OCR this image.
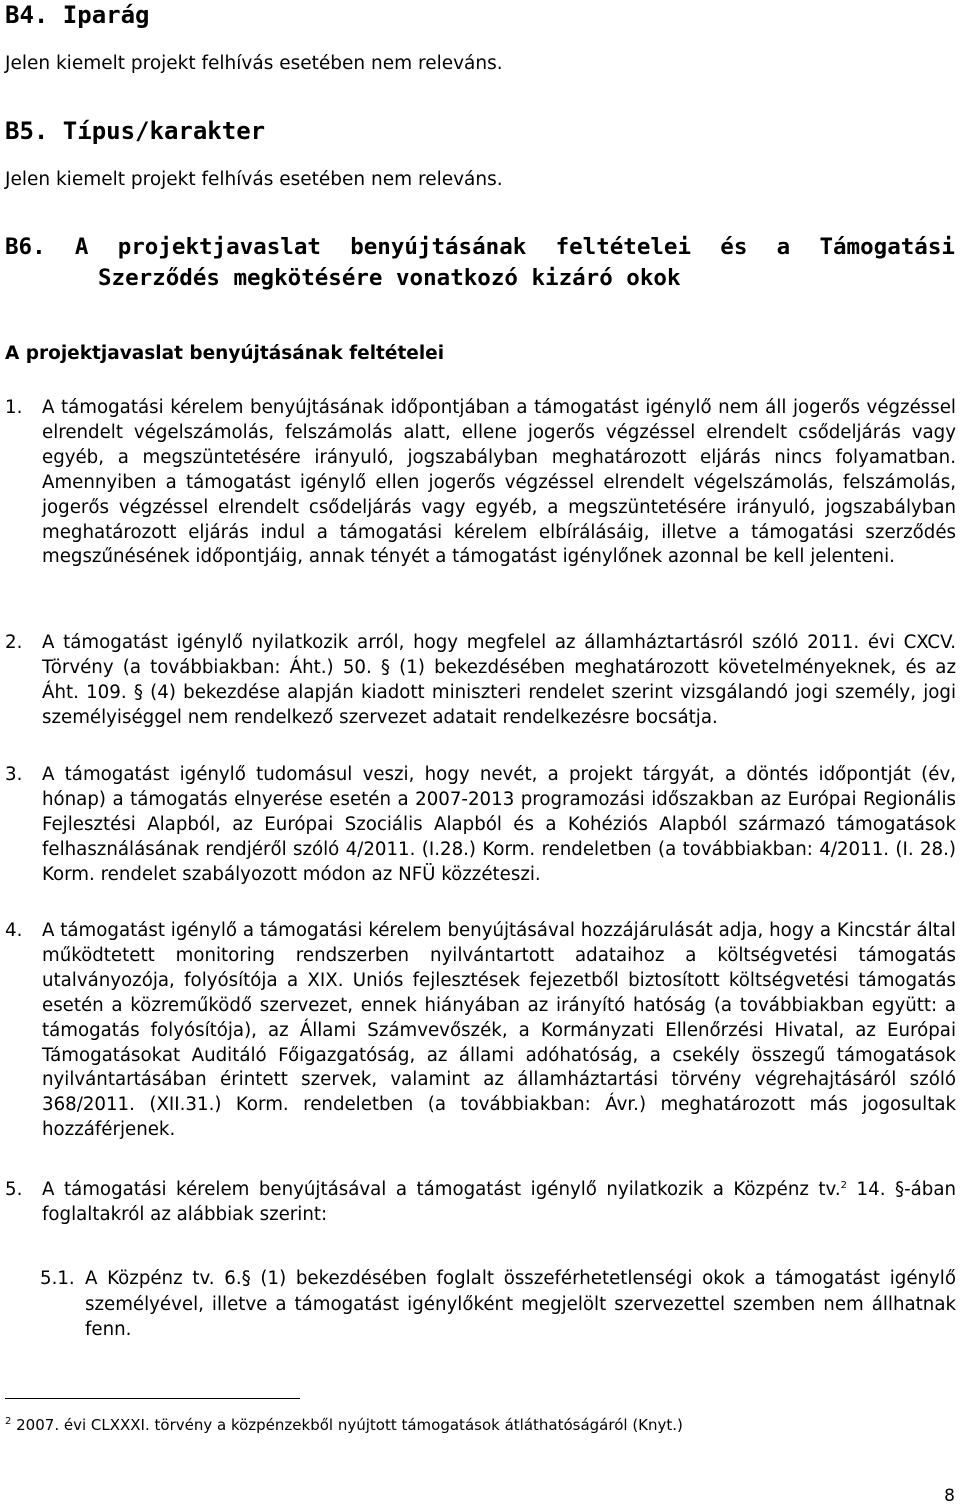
B4. Iparág
Jelen kiemelt projekt felhívás esetében nem releváns.
B5. Típus/karakter
Jelen kiemelt projekt felhívás esetében nem releváns.
B6. A projektjavaslat benyújtásának feltételei és a Támogatási
Szerződés megkötésére vonatkozó kizáró okok
A projektjavaslat benyújtásának feltételei
1. A támogatási kérelem benyújtásának időpontjában a támogatást igénylő nem áll jogerős végzéssel elrendelt végelszámolás, felszámolás alatt, ellene jogerős végzéssel elrendelt csődeljárás vagy egyéb, a megszüntetésére irányuló, jogszabályban meghatározott eljárás nincs folyamatban. Amennyiben a támogatást igénylő ellen jogerős végzéssel elrendelt végelszámolás, felszámolás, jogerős végzéssel elrendelt csődeljárás vagy egyéb, a megszüntetésére irányuló, jogszabályban meghatározott eljárás indul a támogatási kérelem elbírálásáig, illetve a támogatási szerződés megszűnésének időpontjáig, annak tényét a támogatást igénylőnek azonnal be kell jelenteni.
2. A támogatást igénylő nyilatkozik arról, hogy megfelel az államháztartásról szóló 2011. évi CXCV. Törvény (a továbbiakban: Áht.) 50. § (1) bekezdésében meghatározott követelményeknek, és az Áht. 109. § (4) bekezdése alapján kiadott miniszteri rendelet szerint vizsgálandó jogi személy, jogi személyiséggel nem rendelkező szervezet adatait rendelkezésre bocsátja.
3. A támogatást igénylő tudomásul veszi, hogy nevét, a projekt tárgyát, a döntés időpontját (év, hónap) a támogatás elnyerése esetén a 2007-2013 programozási időszakban az Európai Regionális Fejlesztési Alapból, az Európai Szociális Alapból és a Kohéziós Alapból származó támogatások felhasználásának rendjéről szóló 4/2011. (I.28.) Korm. rendeletben (a továbbiakban: 4/2011. (I. 28.) Korm. rendelet szabályozott módon az NFÜ közzéteszi.
4. A támogatást igénylő a támogatási kérelem benyújtásával hozzájárulását adja, hogy a Kincstár által működtetett monitoring rendszerben nyilvántartott adataihoz a költségvetési támogatás utalványozója, folyósítója a XIX. Uniós fejlesztések fejezetből biztosított költségvetési támogatás esetén a közreműködő szervezet, ennek hiányában az irányító hatóság (a továbbiakban együtt: a támogatás folyósítója), az Állami Számvevőszék, a Kormányzati Ellenőrzési Hivatal, az Európai Támogatásokat Auditáló Főigazgatóság, az állami adóhatóság, a csekély összegű támogatások nyilvántartásában érintett szervek, valamint az államháztartási törvény végrehajtásáról szóló 368/2011. (XII.31.) Korm. rendeletben (a továbbiakban: Ávr.) meghatározott más jogosultak hozzáférjenek.
5. A támogatási kérelem benyújtásával a támogatást igénylő nyilatkozik a Közpénz tv.$^2$ 14. §-ában foglaltakról az alábbiak szerint:
5.1. A Közpénz tv. 6.§ (1) bekezdésében foglalt összeférhetetlenségi okok a támogatást igénylő személyével, illetve a támogatást igénylőként megjelölt szervezettel szemben nem állhatnak fenn.
$^2$ 2007. évi CLXXXI. törvény a közpénzekből nyújtott támogatások átláthatóságáról (Knyt.)
8
